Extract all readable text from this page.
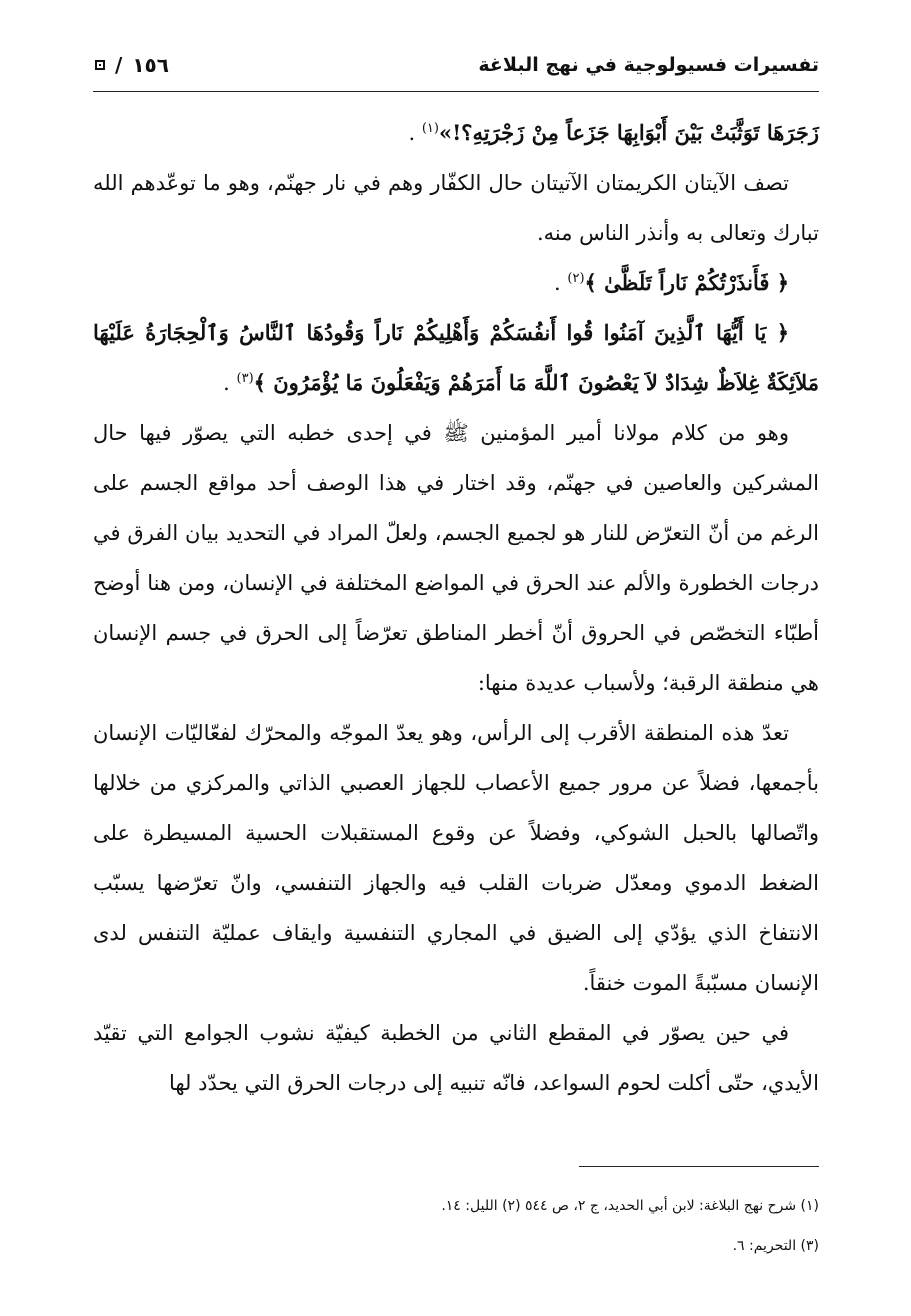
تفسيرات فسيولوجية في نهج البلاغة
١٥٦
/

زَجَرَهَا تَوَثَّبَتْ بَيْنَ أَبْوَابِهَا جَزَعاً مِنْ زَجْرَتِهِ؟!»$^{(١)}$ .

تصف الآيتان الكريمتان الآتيتان حال الكفّار وهم في نار جهنّم، وهو ما توعّدهم الله تبارك وتعالى به وأنذر الناس منه.

﴿ فَأَنذَرْتُكُمْ نَاراً تَلَظَّىٰ ﴾$^{(٢)}$ .

﴿ يَا أَيُّهَا ٱلَّذِينَ آمَنُوا قُوا أَنفُسَكُمْ وَأَهْلِيكُمْ نَاراً وَقُودُهَا ٱلنَّاسُ وَٱلْحِجَارَةُ عَلَيْهَا مَلاَئِكَةٌ غِلاَظٌ شِدَادٌ لاَ يَعْصُونَ ٱللَّهَ مَا أَمَرَهُمْ وَيَفْعَلُونَ مَا يُؤْمَرُونَ ﴾$^{(٣)}$ .

وهو من كلام مولانا أمير المؤمنين ﷺ في إحدى خطبه التي يصوّر فيها حال المشركين والعاصين في جهنّم، وقد اختار في هذا الوصف أحد مواقع الجسم على الرغم من أنّ التعرّض للنار هو لجميع الجسم، ولعلّ المراد في التحديد بيان الفرق في درجات الخطورة والألم عند الحرق في المواضع المختلفة في الإنسان، ومن هنا أوضح أطبّاء التخصّص في الحروق أنّ أخطر المناطق تعرّضاً إلى الحرق في جسم الإنسان هي منطقة الرقبة؛ ولأسباب عديدة منها:

تعدّ هذه المنطقة الأقرب إلى الرأس، وهو يعدّ الموجّه والمحرّك لفعّاليّات الإنسان بأجمعها، فضلاً عن مرور جميع الأعصاب للجهاز العصبي الذاتي والمركزي من خلالها واتّصالها بالحبل الشوكي، وفضلاً عن وقوع المستقبلات الحسية المسيطرة على الضغط الدموي ومعدّل ضربات القلب فيه والجهاز التنفسي، وانّ تعرّضها يسبّب الانتفاخ الذي يؤدّي إلى الضيق في المجاري التنفسية وايقاف عمليّة التنفس لدى الإنسان مسبّبةً الموت خنقاً.

في حين يصوّر في المقطع الثاني من الخطبة كيفيّة نشوب الجوامع التي تقيّد الأيدي، حتّى أكلت لحوم السواعد، فانّه تنبيه إلى درجات الحرق التي يحدّد لها

(١) شرح نهج البلاغة: لابن أبي الحديد، ج ٢، ص ٥٤٤ (٢) الليل: ١٤.

(٣) التحريم: ٦.
